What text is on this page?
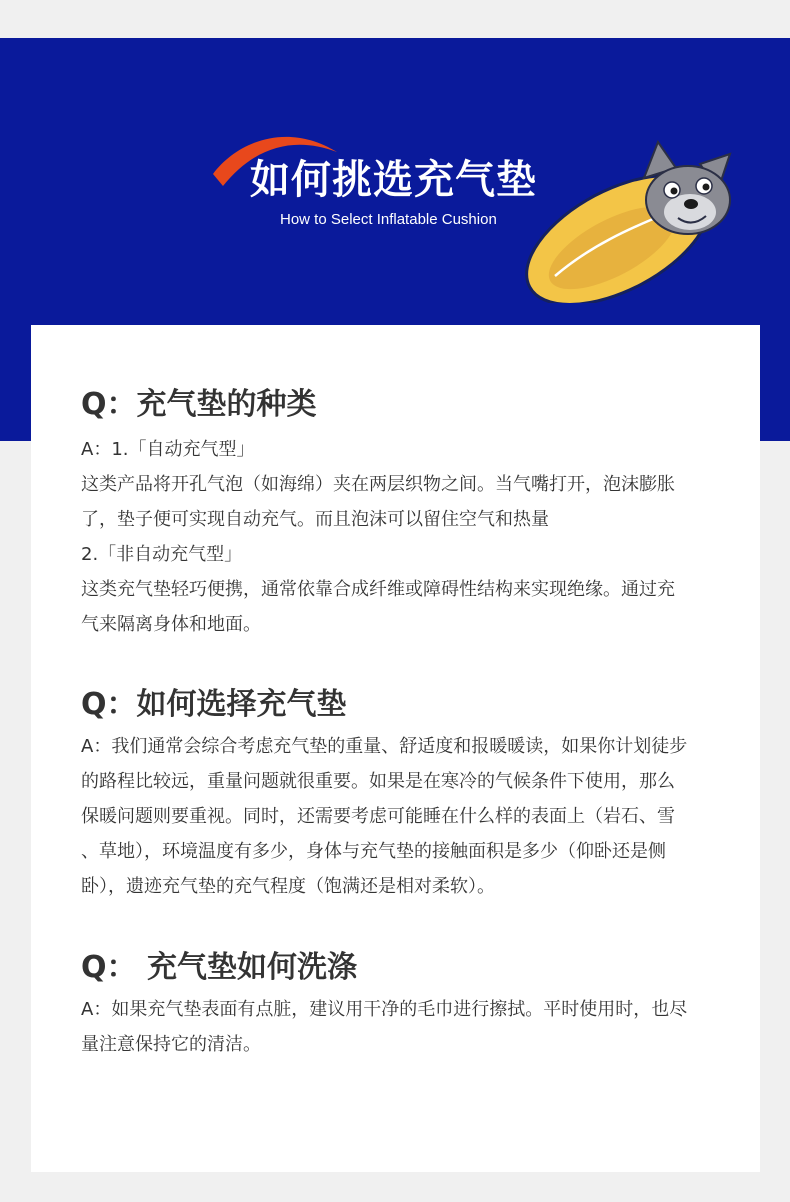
如何挑选充气垫

How to Select Inflatable Cushion

Q：充气垫的种类

A：1.「自动充气型」

这类产品将开孔气泡（如海绵）夹在两层织物之间。当气嘴打开，泡沫膨胀

了，垫子便可实现自动充气。而且泡沫可以留住空气和热量

2.「非自动充气型」

这类充气垫轻巧便携，通常依靠合成纤维或障碍性结构来实现绝缘。通过充

气来隔离身体和地面。

Q：如何选择充气垫

A：我们通常会综合考虑充气垫的重量、舒适度和报暖暖读，如果你计划徒步

的路程比较远，重量问题就很重要。如果是在寒冷的气候条件下使用，那么

保暖问题则要重视。同时，还需要考虑可能睡在什么样的表面上（岩石、雪

、草地），环境温度有多少，身体与充气垫的接触面积是多少（仰卧还是侧

卧），遗迹充气垫的充气程度（饱满还是相对柔软）。

Q： 充气垫如何洗涤

A：如果充气垫表面有点脏，建议用干净的毛巾进行擦拭。平时使用时，也尽

量注意保持它的清洁。
